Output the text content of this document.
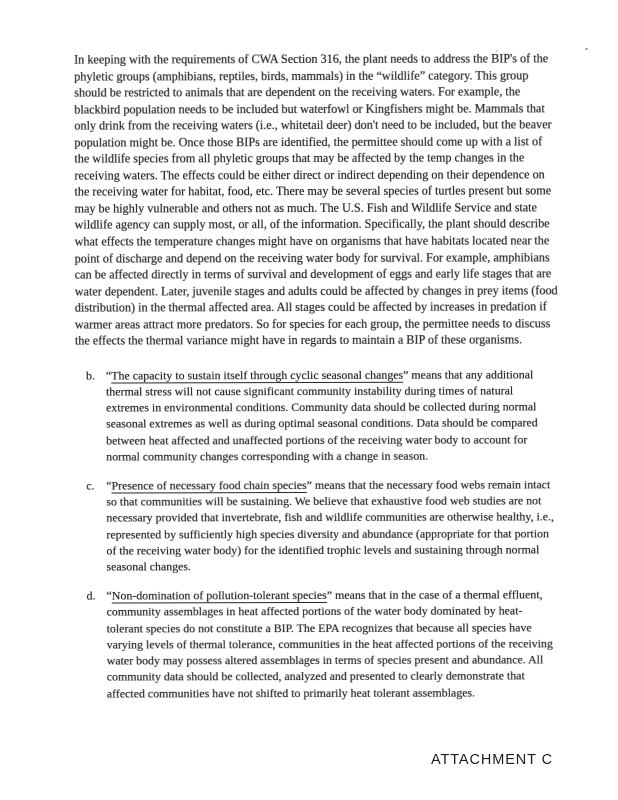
In keeping with the requirements of CWA Section 316, the plant needs to address the BIP's of the phyletic groups (amphibians, reptiles, birds, mammals) in the “wildlife” category. This group should be restricted to animals that are dependent on the receiving waters. For example, the blackbird population needs to be included but waterfowl or Kingfishers might be. Mammals that only drink from the receiving waters (i.e., whitetail deer) don't need to be included, but the beaver population might be. Once those BIPs are identified, the permittee should come up with a list of the wildlife species from all phyletic groups that may be affected by the temp changes in the receiving waters. The effects could be either direct or indirect depending on their dependence on the receiving water for habitat, food, etc. There may be several species of turtles present but some may be highly vulnerable and others not as much. The U.S. Fish and Wildlife Service and state wildlife agency can supply most, or all, of the information. Specifically, the plant should describe what effects the temperature changes might have on organisms that have habitats located near the point of discharge and depend on the receiving water body for survival. For example, amphibians can be affected directly in terms of survival and development of eggs and early life stages that are water dependent. Later, juvenile stages and adults could be affected by changes in prey items (food distribution) in the thermal affected area. All stages could be affected by increases in predation if warmer areas attract more predators. So for species for each group, the permittee needs to discuss the effects the thermal variance might have in regards to maintain a BIP of these organisms.

b. “The capacity to sustain itself through cyclic seasonal changes” means that any additional thermal stress will not cause significant community instability during times of natural extremes in environmental conditions. Community data should be collected during normal seasonal extremes as well as during optimal seasonal conditions. Data should be compared between heat affected and unaffected portions of the receiving water body to account for normal community changes corresponding with a change in season.
c. “Presence of necessary food chain species” means that the necessary food webs remain intact so that communities will be sustaining. We believe that exhaustive food web studies are not necessary provided that invertebrate, fish and wildlife communities are otherwise healthy, i.e., represented by sufficiently high species diversity and abundance (appropriate for that portion of the receiving water body) for the identified trophic levels and sustaining through normal seasonal changes.
d. “Non-domination of pollution-tolerant species” means that in the case of a thermal effluent, community assemblages in heat affected portions of the water body dominated by heat-tolerant species do not constitute a BIP. The EPA recognizes that because all species have varying levels of thermal tolerance, communities in the heat affected portions of the receiving water body may possess altered assemblages in terms of species present and abundance. All community data should be collected, analyzed and presented to clearly demonstrate that affected communities have not shifted to primarily heat tolerant assemblages.
ATTACHMENT C
